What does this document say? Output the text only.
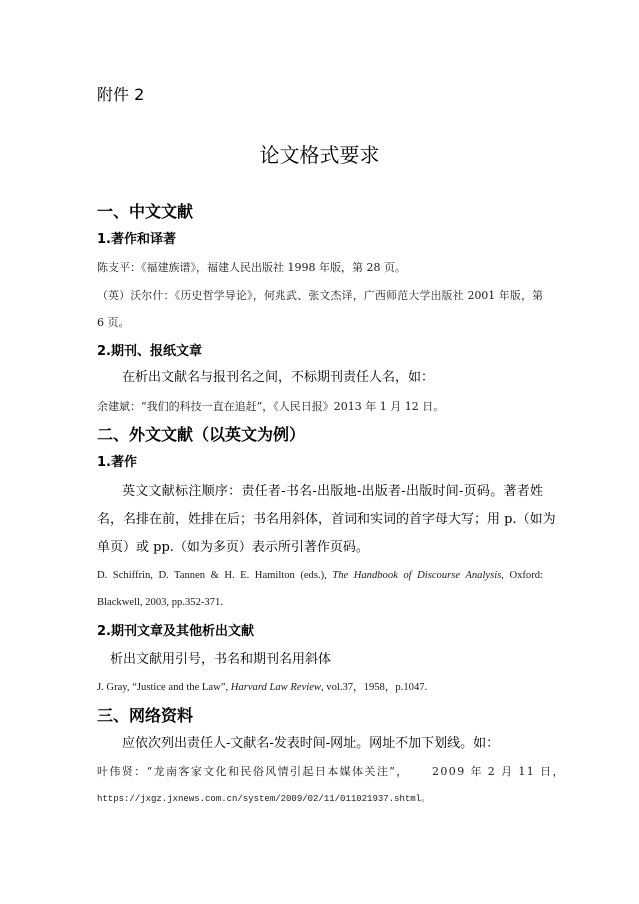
附件 2
论文格式要求
一、中文文献
1.著作和译著
陈支平：《福建族谱》，福建人民出版社 1998 年版，第 28 页。
（英）沃尔什：《历史哲学导论》，何兆武、张文杰译，广西师范大学出版社 2001 年版，第
6 页。
2.期刊、报纸文章
在析出文献名与报刊名之间，不标期刊责任人名，如：
余建斌：“我们的科技一直在追赶”，《人民日报》2013 年 1 月 12 日。
二、外文文献（以英文为例）
1.著作
英文文献标注顺序：责任者-书名-出版地-出版者-出版时间-页码。著者姓
名，名排在前，姓排在后；书名用斜体，首词和实词的首字母大写；用 p.（如为
单页）或 pp.（如为多页）表示所引著作页码。
D. Schiffrin, D. Tannen & H. E. Hamilton (eds.), The Handbook of Discourse Analysis, Oxford:
Blackwell, 2003, pp.352-371.
2.期刊文章及其他析出文献
析出文献用引号，书名和期刊名用斜体
J. Gray, “Justice and the Law”, Harvard Law Review, vol.37，1958，p.1047.
三、网络资料
应依次列出责任人-文献名-发表时间-网址。网址不加下划线。如：
叶伟贤：“龙南客家文化和民俗风情引起日本媒体关注”， 2009 年 2 月 11 日，
https://jxgz.jxnews.com.cn/system/2009/02/11/011021937.shtml。
